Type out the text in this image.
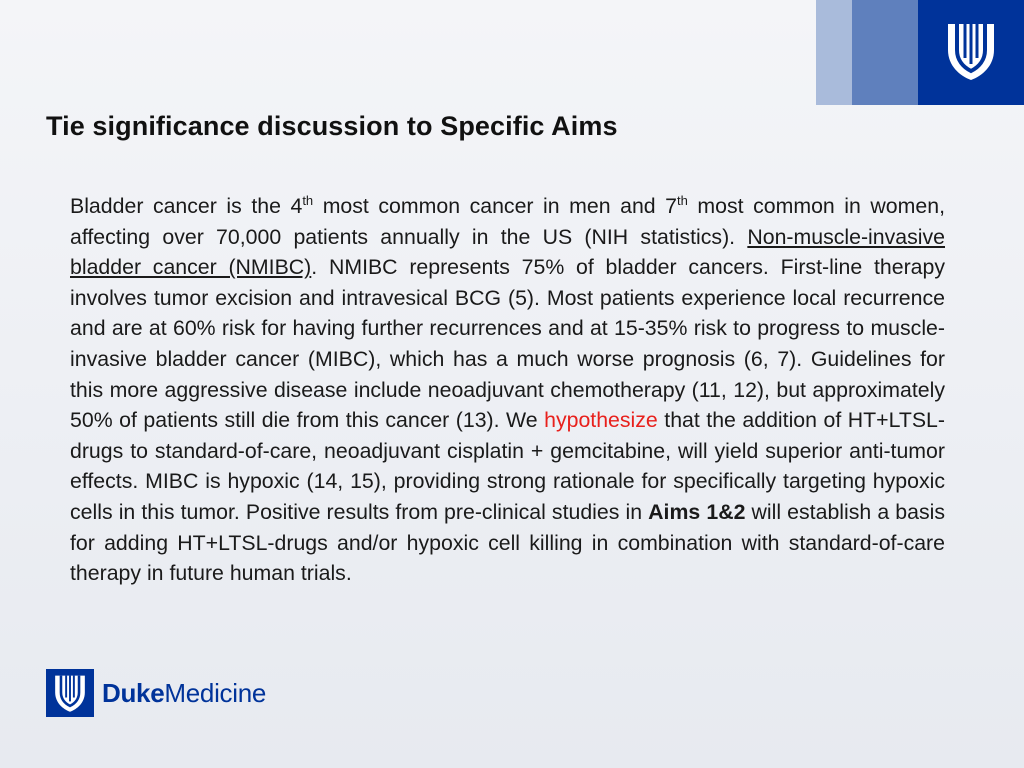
Tie significance discussion to Specific Aims

Bladder cancer is the 4th most common cancer in men and 7th most common in women, affecting over 70,000 patients annually in the US (NIH statistics). Non-muscle-invasive bladder cancer (NMIBC). NMIBC represents 75% of bladder cancers. First-line therapy involves tumor excision and intravesical BCG (5). Most patients experience local recurrence and are at 60% risk for having further recurrences and at 15-35% risk to progress to muscle-invasive bladder cancer (MIBC), which has a much worse prognosis (6, 7). Guidelines for this more aggressive disease include neoadjuvant chemotherapy (11, 12), but approximately 50% of patients still die from this cancer (13). We hypothesize that the addition of HT+LTSL-drugs to standard-of-care, neoadjuvant cisplatin + gemcitabine, will yield superior anti-tumor effects. MIBC is hypoxic (14, 15), providing strong rationale for specifically targeting hypoxic cells in this tumor. Positive results from pre-clinical studies in Aims 1&2 will establish a basis for adding HT+LTSL-drugs and/or hypoxic cell killing in combination with standard-of-care therapy in future human trials.

DukeMedicine
